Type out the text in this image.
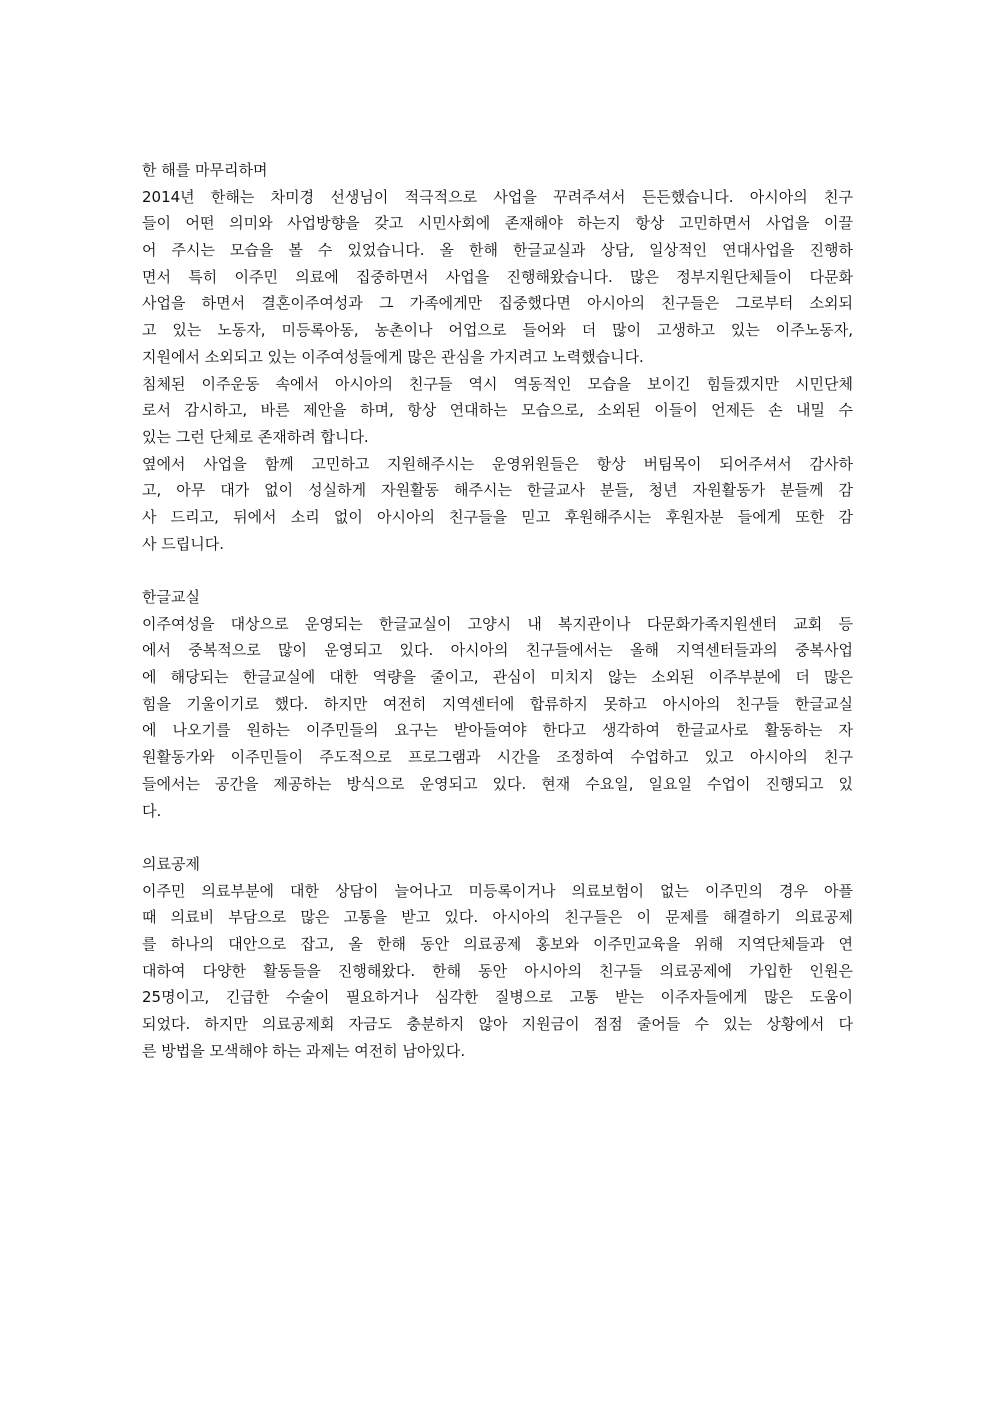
한 해를 마무리하며
2014년 한해는 차미경 선생님이 적극적으로 사업을 꾸려주셔서 든든했습니다. 아시아의 친구
들이 어떤 의미와 사업방향을 갖고 시민사회에 존재해야 하는지 항상 고민하면서 사업을 이끌
어 주시는 모습을 볼 수 있었습니다. 올 한해 한글교실과 상담, 일상적인 연대사업을 진행하
면서 특히 이주민 의료에 집중하면서 사업을 진행해왔습니다. 많은 정부지원단체들이 다문화
사업을 하면서 결혼이주여성과 그 가족에게만 집중했다면 아시아의 친구들은 그로부터 소외되
고 있는 노동자, 미등록아동, 농촌이나 어업으로 들어와 더 많이 고생하고 있는 이주노동자,
지원에서 소외되고 있는 이주여성들에게 많은 관심을 가지려고 노력했습니다.
침체된 이주운동 속에서 아시아의 친구들 역시 역동적인 모습을 보이긴 힘들겠지만 시민단체
로서 감시하고, 바른 제안을 하며, 항상 연대하는 모습으로, 소외된 이들이 언제든 손 내밀 수
있는 그런 단체로 존재하려 합니다.
옆에서 사업을 함께 고민하고 지원해주시는 운영위원들은 항상 버팀목이 되어주셔서 감사하
고, 아무 대가 없이 성실하게 자원활동 해주시는 한글교사 분들, 청년 자원활동가 분들께 감
사 드리고, 뒤에서 소리 없이 아시아의 친구들을 믿고 후원해주시는 후원자분 들에게 또한 감
사 드립니다.
한글교실
이주여성을 대상으로 운영되는 한글교실이 고양시 내 복지관이나 다문화가족지원센터 교회 등
에서 중복적으로 많이 운영되고 있다. 아시아의 친구들에서는 올해 지역센터들과의 중복사업
에 해당되는 한글교실에 대한 역량을 줄이고, 관심이 미치지 않는 소외된 이주부분에 더 많은
힘을 기울이기로 했다. 하지만 여전히 지역센터에 합류하지 못하고 아시아의 친구들 한글교실
에 나오기를 원하는 이주민들의 요구는 받아들여야 한다고 생각하여 한글교사로 활동하는 자
원활동가와 이주민들이 주도적으로 프로그램과 시간을 조정하여 수업하고 있고 아시아의 친구
들에서는 공간을 제공하는 방식으로 운영되고 있다. 현재 수요일, 일요일 수업이 진행되고 있
다.
의료공제
이주민 의료부분에 대한 상담이 늘어나고 미등록이거나 의료보험이 없는 이주민의 경우 아플
때 의료비 부담으로 많은 고통을 받고 있다. 아시아의 친구들은 이 문제를 해결하기 의료공제
를 하나의 대안으로 잡고, 올 한해 동안 의료공제 홍보와 이주민교육을 위해 지역단체들과 연
대하여 다양한 활동들을 진행해왔다. 한해 동안 아시아의 친구들 의료공제에 가입한 인원은
25명이고, 긴급한 수술이 필요하거나 심각한 질병으로 고통 받는 이주자들에게 많은 도움이
되었다. 하지만 의료공제회 자금도 충분하지 않아 지원금이 점점 줄어들 수 있는 상황에서 다
른 방법을 모색해야 하는 과제는 여전히 남아있다.
